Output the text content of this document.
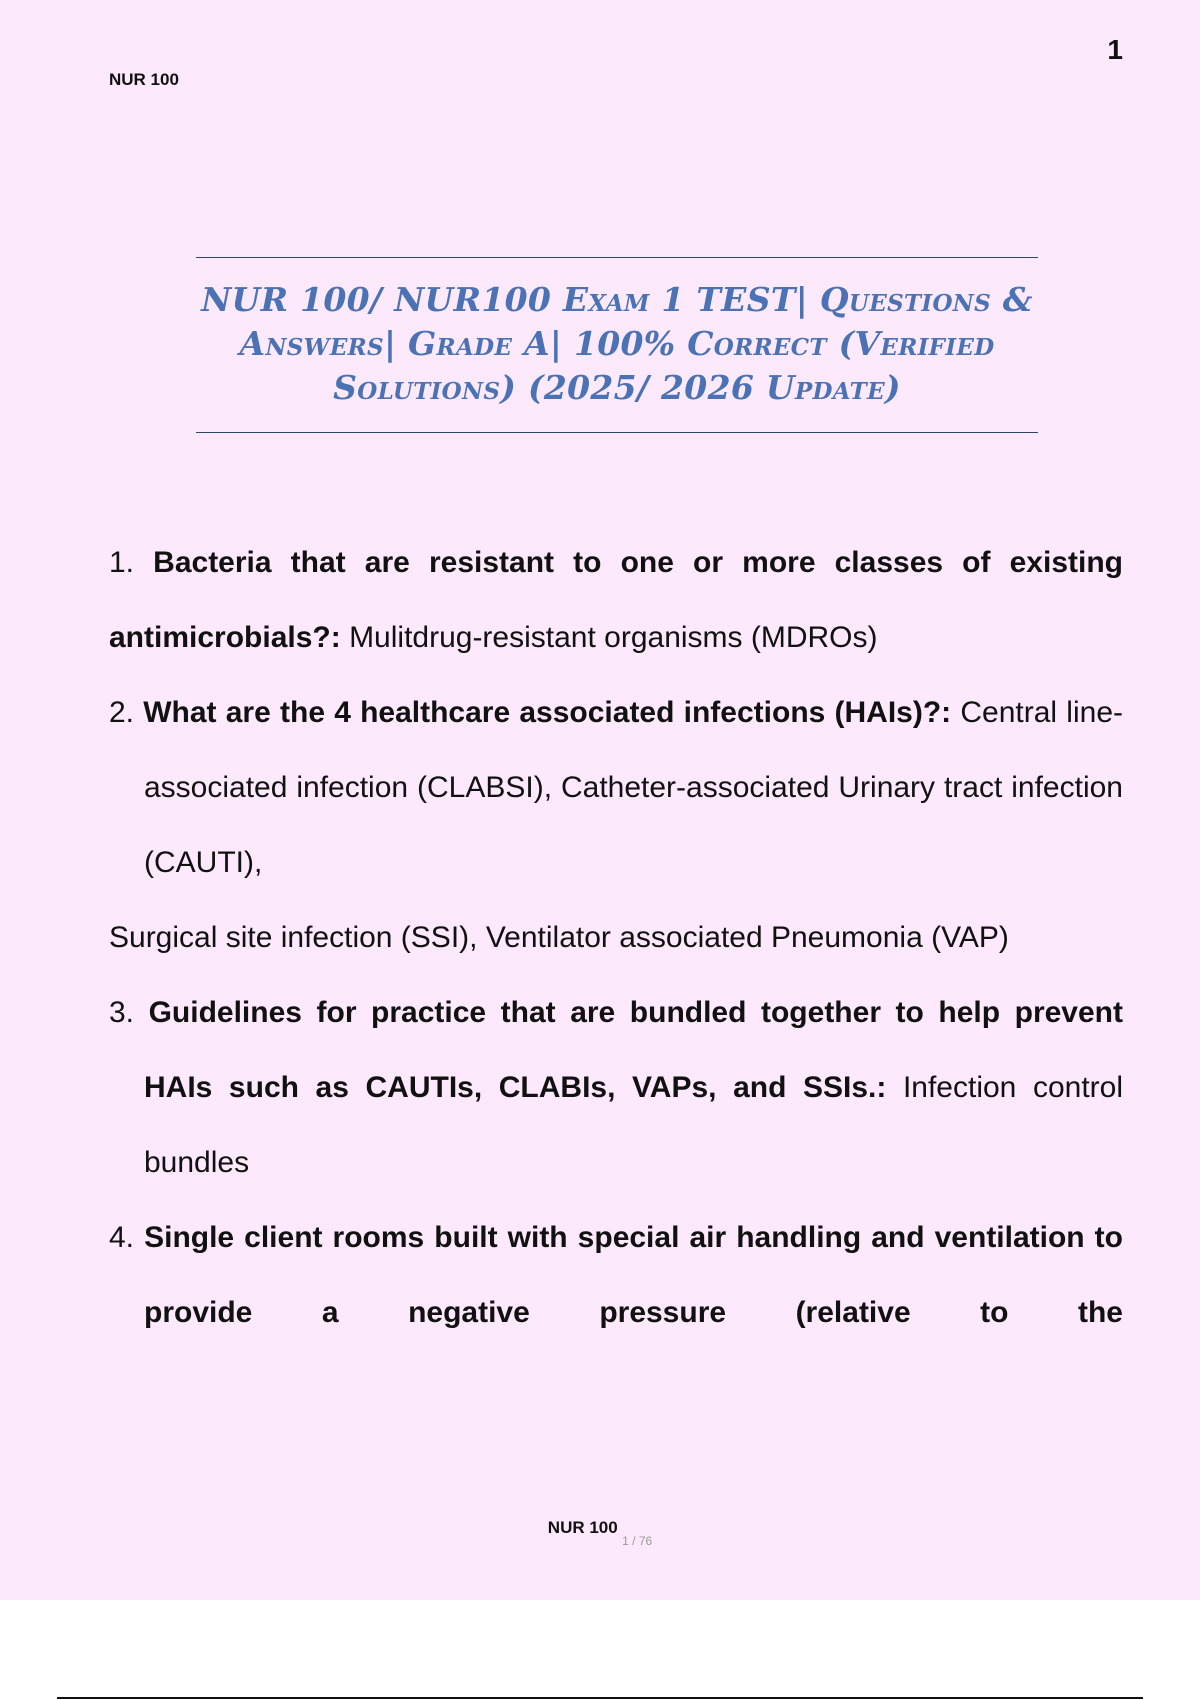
NUR 100
1
NUR 100/ NUR100 Exam 1 TEST| Questions &
Answers| Grade A| 100% Correct (Verified
Solutions) (2025/ 2026 Update)
1. Bacteria that are resistant to one or more classes of existing antimicrobials?: Mulitdrug-resistant organisms (MDROs)
2. What are the 4 healthcare associated infections (HAIs)?: Central line-associated infection (CLABSI), Catheter-associated Urinary tract infection (CAUTI),
Surgical site infection (SSI), Ventilator associated Pneumonia (VAP)
3. Guidelines for practice that are bundled together to help prevent HAIs such as CAUTIs, CLABIs, VAPs, and SSIs.: Infection control bundles
4. Single client rooms built with special air handling and ventilation to provide a negative pressure (relative to the
NUR 100 $_{1 / 76}$
